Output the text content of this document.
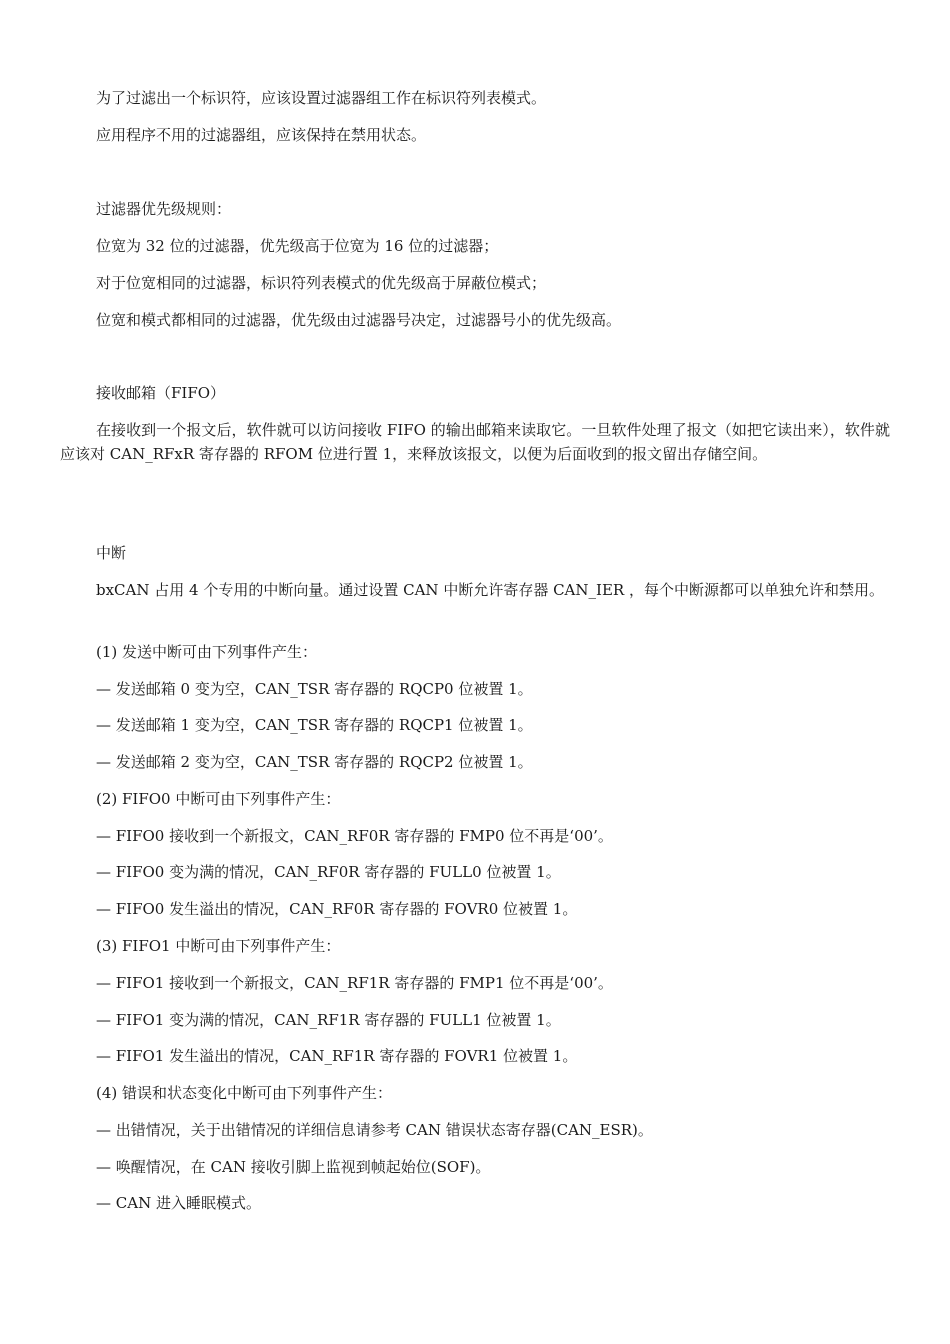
为了过滤出一个标识符，应该设置过滤器组工作在标识符列表模式。
应用程序不用的过滤器组，应该保持在禁用状态。
过滤器优先级规则：
位宽为 32 位的过滤器，优先级高于位宽为 16 位的过滤器；
对于位宽相同的过滤器，标识符列表模式的优先级高于屏蔽位模式；
位宽和模式都相同的过滤器，优先级由过滤器号决定，过滤器号小的优先级高。
接收邮箱（FIFO）
在接收到一个报文后，软件就可以访问接收 FIFO 的输出邮箱来读取它。一旦软件处理了报文（如把它读出来），软件就应该对 CAN_RFxR 寄存器的 RFOM 位进行置 1，来释放该报文，以便为后面收到的报文留出存储空间。
中断
bxCAN 占用 4 个专用的中断向量。通过设置 CAN 中断允许寄存器 CAN_IER ，每个中断源都可以单独允许和禁用。
(1) 发送中断可由下列事件产生：
— 发送邮箱 0 变为空，CAN_TSR 寄存器的 RQCP0 位被置 1。
— 发送邮箱 1 变为空，CAN_TSR 寄存器的 RQCP1 位被置 1。
— 发送邮箱 2 变为空，CAN_TSR 寄存器的 RQCP2 位被置 1。
(2) FIFO0 中断可由下列事件产生：
— FIFO0 接收到一个新报文，CAN_RF0R 寄存器的 FMP0 位不再是‘00’。
— FIFO0 变为满的情况，CAN_RF0R 寄存器的 FULL0 位被置 1。
— FIFO0 发生溢出的情况，CAN_RF0R 寄存器的 FOVR0 位被置 1。
(3) FIFO1 中断可由下列事件产生：
— FIFO1 接收到一个新报文，CAN_RF1R 寄存器的 FMP1 位不再是‘00’。
— FIFO1 变为满的情况，CAN_RF1R 寄存器的 FULL1 位被置 1。
— FIFO1 发生溢出的情况，CAN_RF1R 寄存器的 FOVR1 位被置 1。
(4) 错误和状态变化中断可由下列事件产生：
— 出错情况，关于出错情况的详细信息请参考 CAN 错误状态寄存器(CAN_ESR)。
— 唤醒情况，在 CAN 接收引脚上监视到帧起始位(SOF)。
— CAN 进入睡眠模式。
